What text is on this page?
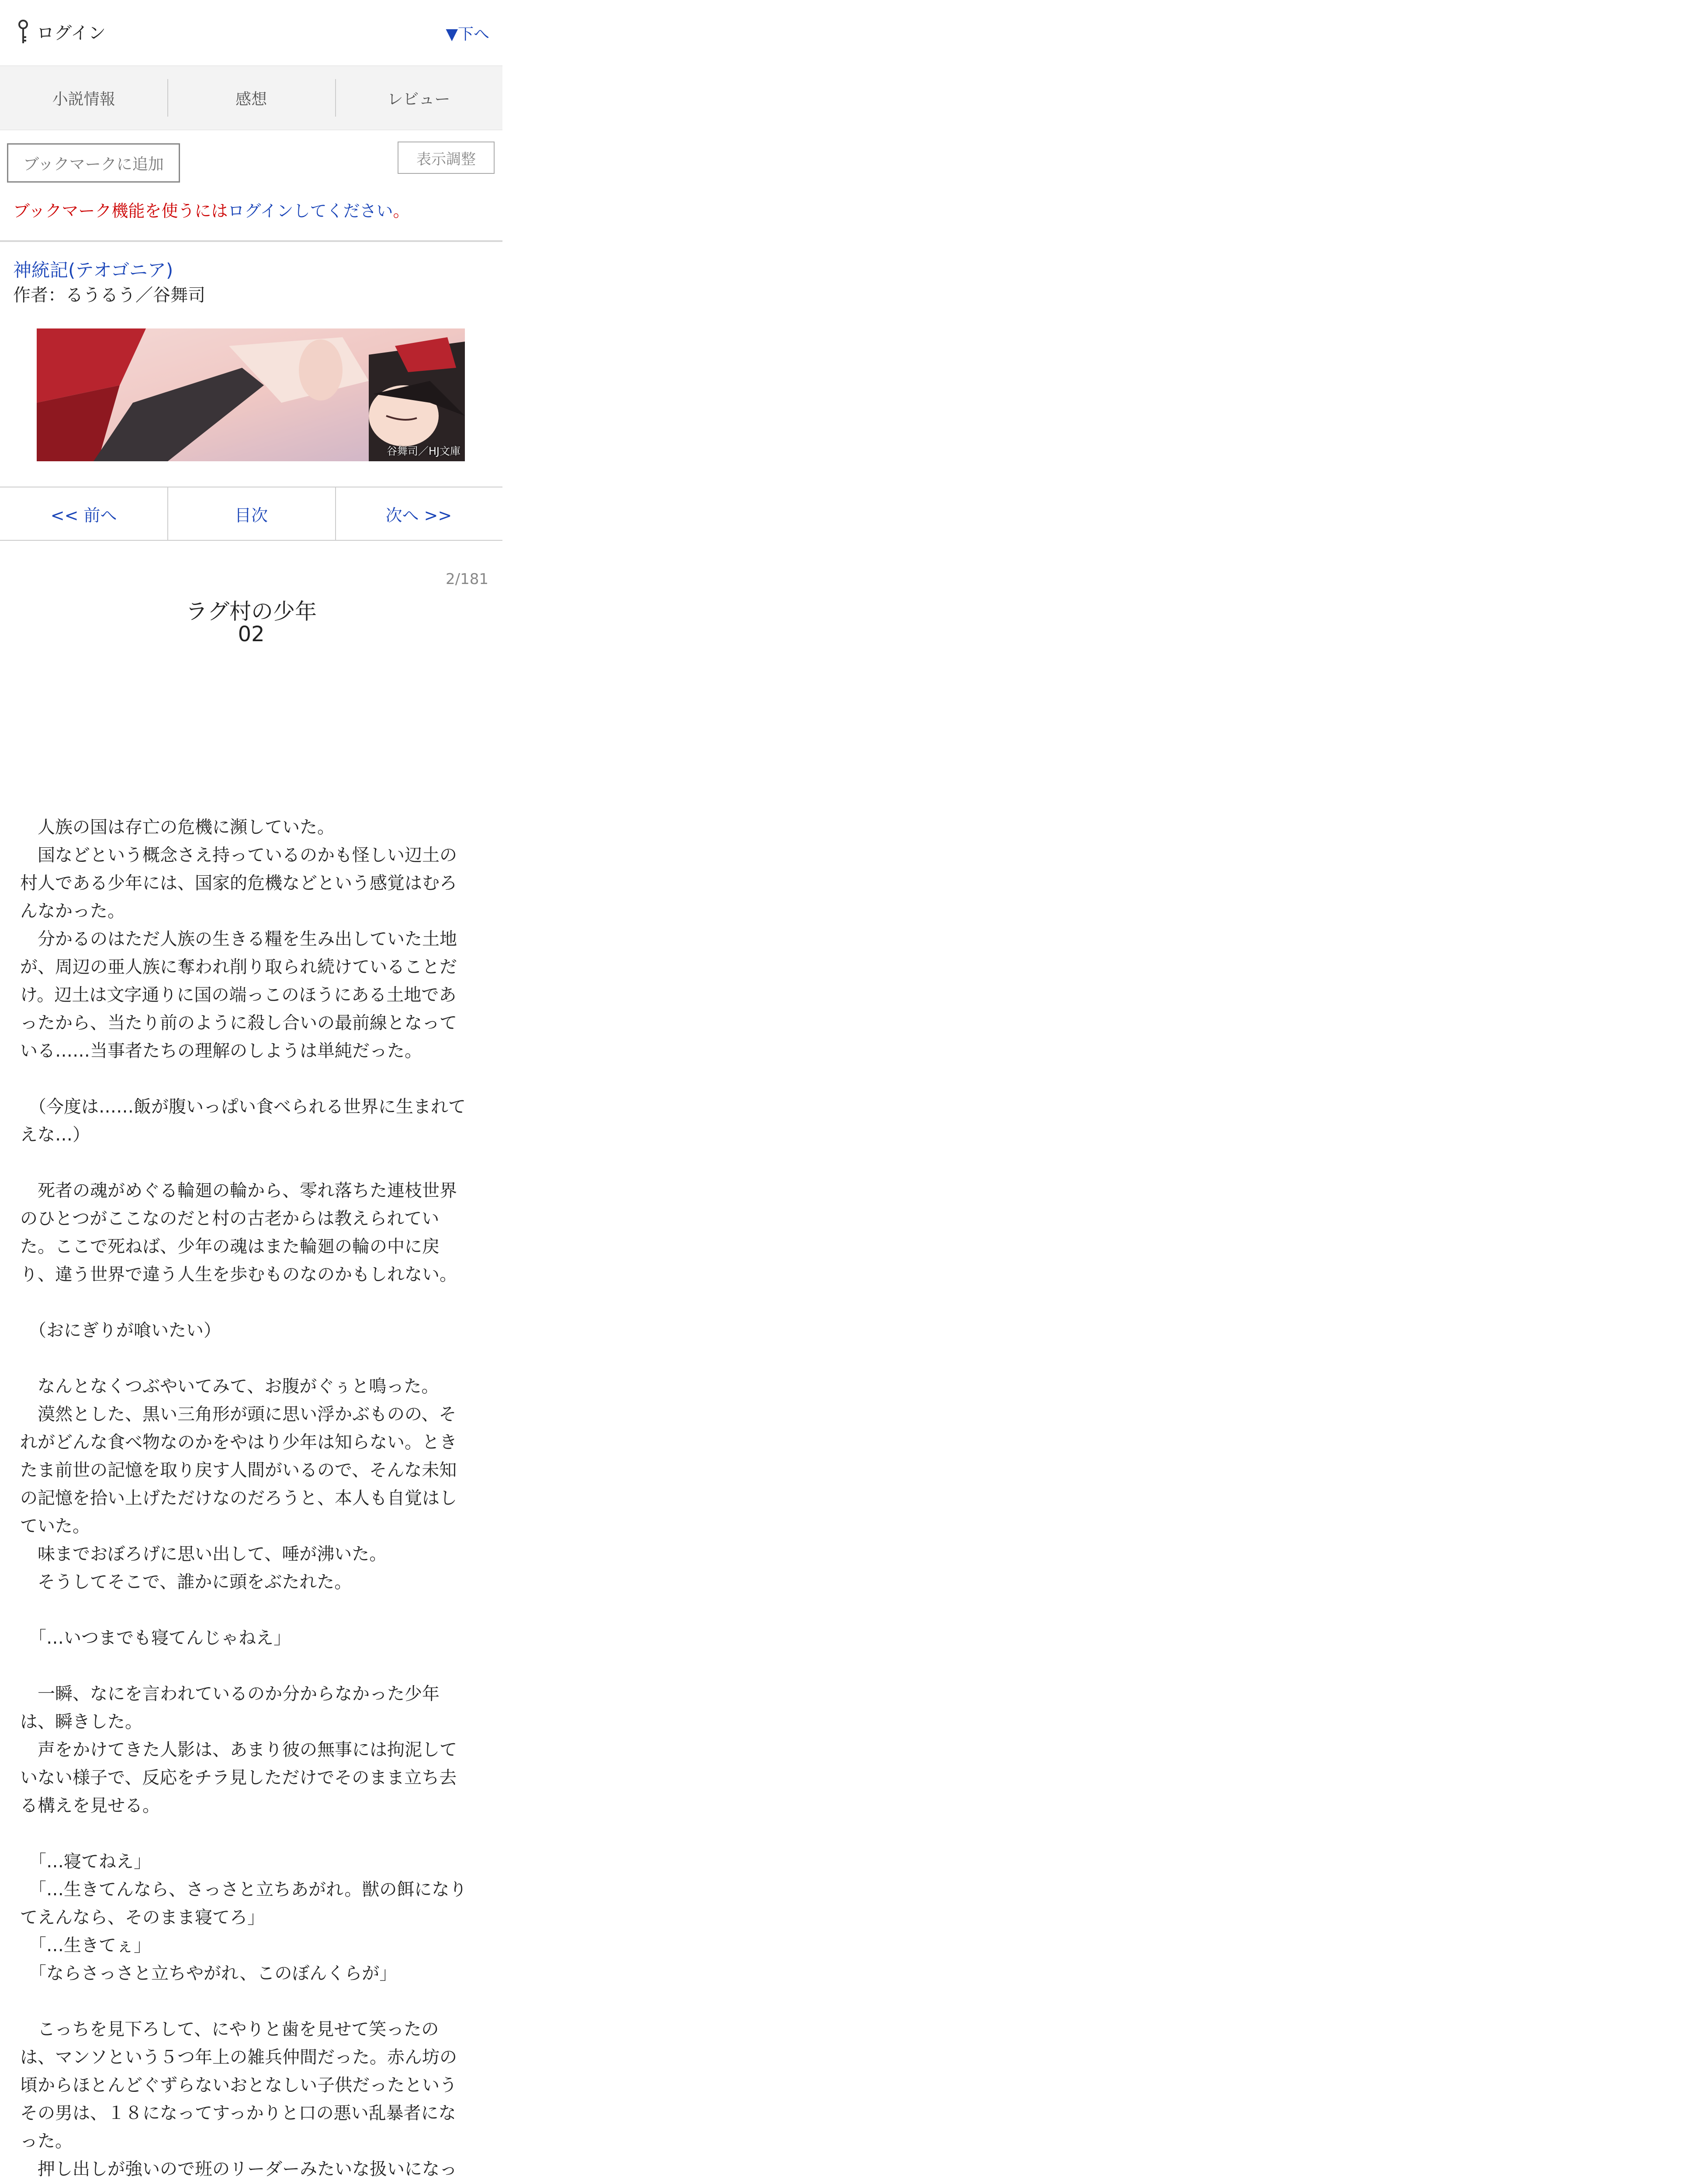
ログイン	▼下へ
小説情報	感想	レビュー
ブックマークに追加	表示調整
ブックマーク機能を使うにはログインしてください。
神統記(テオゴニア)
作者：るうるう／谷舞司
谷舞司／HJ文庫
<< 前へ	目次	次へ >>
2/181
ラグ村の少年
02

　人族の国は存亡の危機に瀕していた。

　国などという概念さえ持っているのかも怪しい辺土の村人である少年には、国家的危機などという感覚はむろんなかった。

　分かるのはただ人族の生きる糧を生み出していた土地が、周辺の亜人族に奪われ削り取られ続けていることだけ。辺土は文字通りに国の端っこのほうにある土地であったから、当たり前のように殺し合いの最前線となっている……当事者たちの理解のしようは単純だった。

　（今度は……飯が腹いっぱい食べられる世界に生まれてえな…）

　死者の魂がめぐる輪廻の輪から、零れ落ちた連枝世界のひとつがここなのだと村の古老からは教えられていた。ここで死ねば、少年の魂はまた輪廻の輪の中に戻り、違う世界で違う人生を歩むものなのかもしれない。

　（おにぎりが喰いたい）

　なんとなくつぶやいてみて、お腹がぐぅと鳴った。

　漠然とした、黒い三角形が頭に思い浮かぶものの、それがどんな食べ物なのかをやはり少年は知らない。ときたま前世の記憶を取り戻す人間がいるので、そんな未知の記憶を拾い上げただけなのだろうと、本人も自覚はしていた。

　味までおぼろげに思い出して、唾が沸いた。

　そうしてそこで、誰かに頭をぶたれた。

　「…いつまでも寝てんじゃねえ」

　一瞬、なにを言われているのか分からなかった少年は、瞬きした。

　声をかけてきた人影は、あまり彼の無事には拘泥していない様子で、反応をチラ見しただけでそのまま立ち去る構えを見せる。

　「…寝てねえ」

　「…生きてんなら、さっさと立ちあがれ。獣の餌になりてえんなら、そのまま寝てろ」

　「…生きてぇ」

　「ならさっさと立ちやがれ、このぼんくらが」

　こっちを見下ろして、にやりと歯を見せて笑ったのは、マンソという５つ年上の雑兵仲間だった。赤ん坊の頃からほとんどぐずらないおとなしい子供だったというその男は、１８になってすっかりと口の悪い乱暴者になった。

　押し出しが強いので班のリーダーみたいな扱いになっ
